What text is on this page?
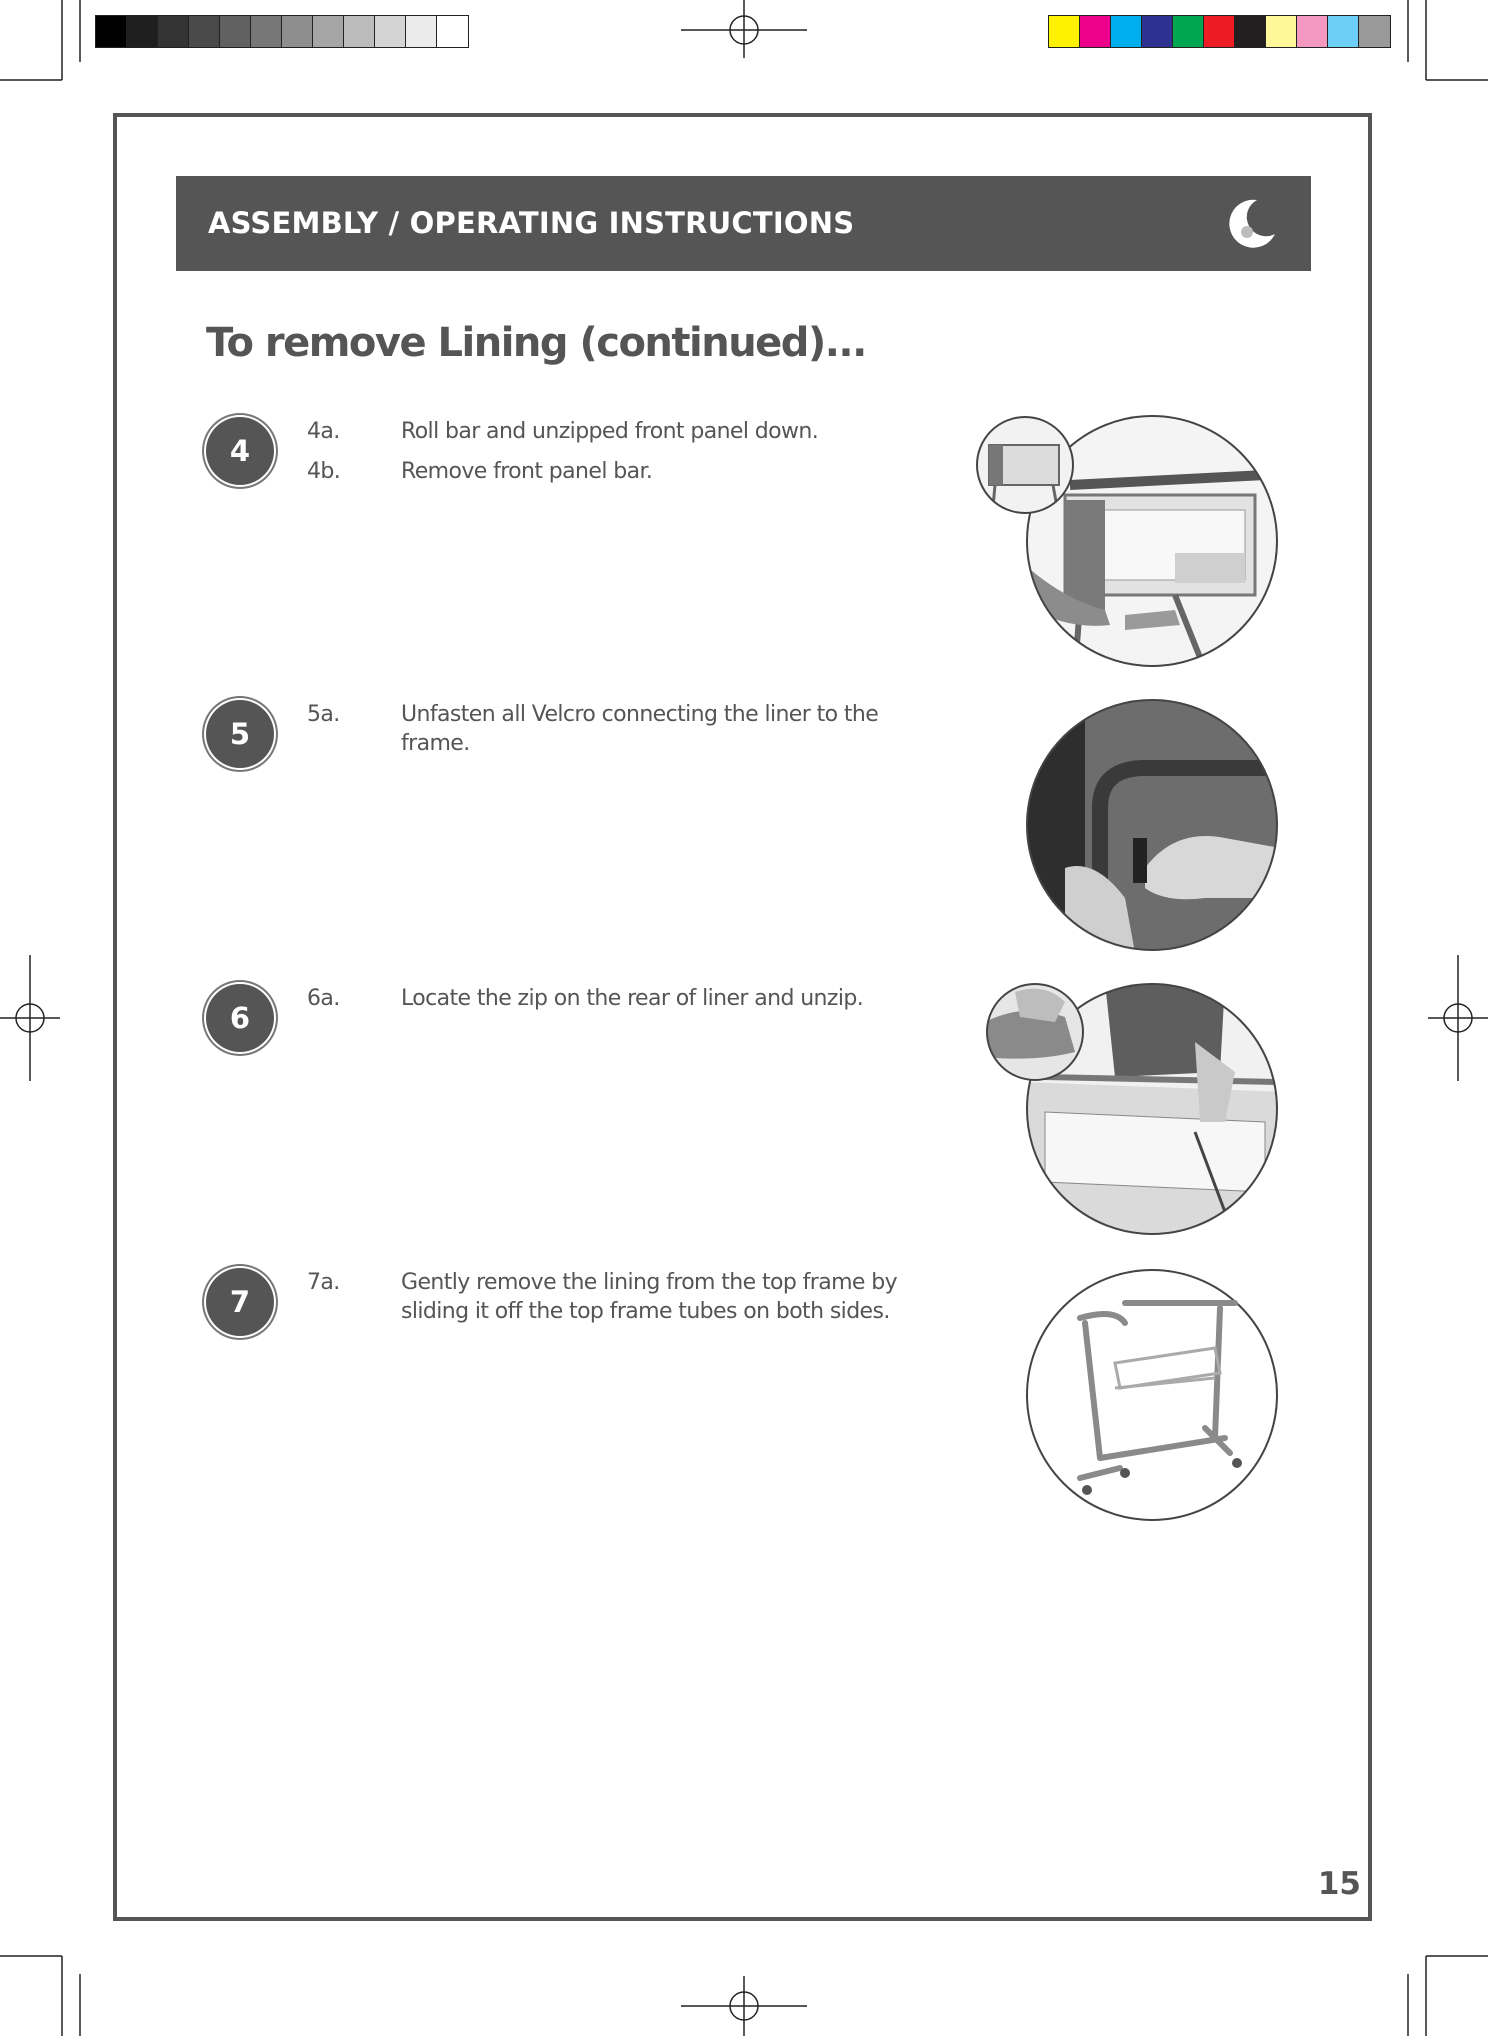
ASSEMBLY / OPERATING INSTRUCTIONS
To remove Lining (continued)...
4
4a.	Roll bar and unzipped front panel down.
4b.	Remove front panel bar.
5
5a.	Unfasten all Velcro connecting the liner to the frame.
6
6a.	Locate the zip on the rear of liner and unzip.
7
7a.	Gently remove the lining from the top frame by sliding it off the top frame tubes on both sides.
15
